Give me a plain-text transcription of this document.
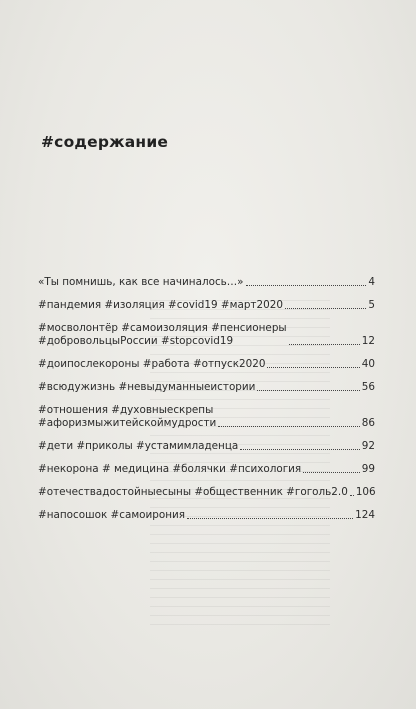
#содержание
«Ты помнишь, как все начиналось…»	4
#пандемия #изоляция #covid19 #март2020	5
#мосволонтёр #самоизоляция #пенсионеры
#добровольцыРоссии #stopcovid19	12
#доипослекороны #работа #отпуск2020	40
#всюдужизнь #невыдуманныеистории	56
#отношения #духовныескрепы
#афоризмыжитейскоймудрости	86
#дети #приколы #устамимладенца	92
#некорона # медицина #болячки #психология	99
#отечествадостойныесыны #общественник #гоголь2.0 106
#напосошок #самоирония	124
